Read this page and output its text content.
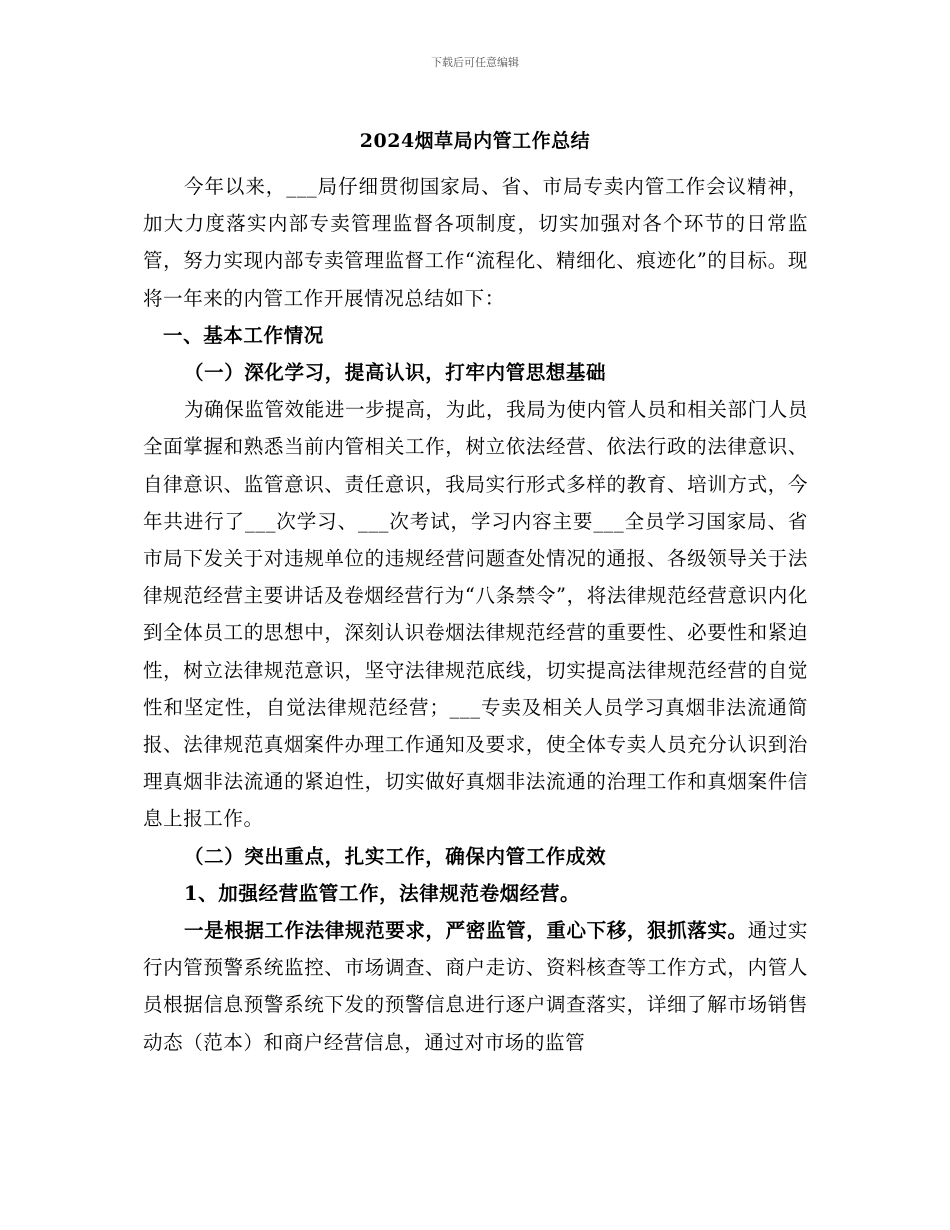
下载后可任意编辑
2024烟草局内管工作总结

今年以来，___局仔细贯彻国家局、省、市局专卖内管工作会议精神，加大力度落实内部专卖管理监督各项制度，切实加强对各个环节的日常监管，努力实现内部专卖管理监督工作“流程化、精细化、痕迹化”的目标。现将一年来的内管工作开展情况总结如下：

一、基本工作情况

（一）深化学习，提高认识，打牢内管思想基础

为确保监管效能进一步提高，为此，我局为使内管人员和相关部门人员全面掌握和熟悉当前内管相关工作，树立依法经营、依法行政的法律意识、自律意识、监管意识、责任意识，我局实行形式多样的教育、培训方式，今年共进行了___次学习、___次考试，学习内容主要___全员学习国家局、省市局下发关于对违规单位的违规经营问题查处情况的通报、各级领导关于法律规范经营主要讲话及卷烟经营行为“八条禁令”，将法律规范经营意识内化到全体员工的思想中，深刻认识卷烟法律规范经营的重要性、必要性和紧迫性，树立法律规范意识，坚守法律规范底线，切实提高法律规范经营的自觉性和坚定性，自觉法律规范经营；___专卖及相关人员学习真烟非法流通简报、法律规范真烟案件办理工作通知及要求，使全体专卖人员充分认识到治理真烟非法流通的紧迫性，切实做好真烟非法流通的治理工作和真烟案件信息上报工作。

（二）突出重点，扎实工作，确保内管工作成效

1、加强经营监管工作，法律规范卷烟经营。

一是根据工作法律规范要求，严密监管，重心下移，狠抓落实。通过实行内管预警系统监控、市场调查、商户走访、资料核查等工作方式，内管人员根据信息预警系统下发的预警信息进行逐户调查落实，详细了解市场销售动态（范本）和商户经营信息，通过对市场的监管
